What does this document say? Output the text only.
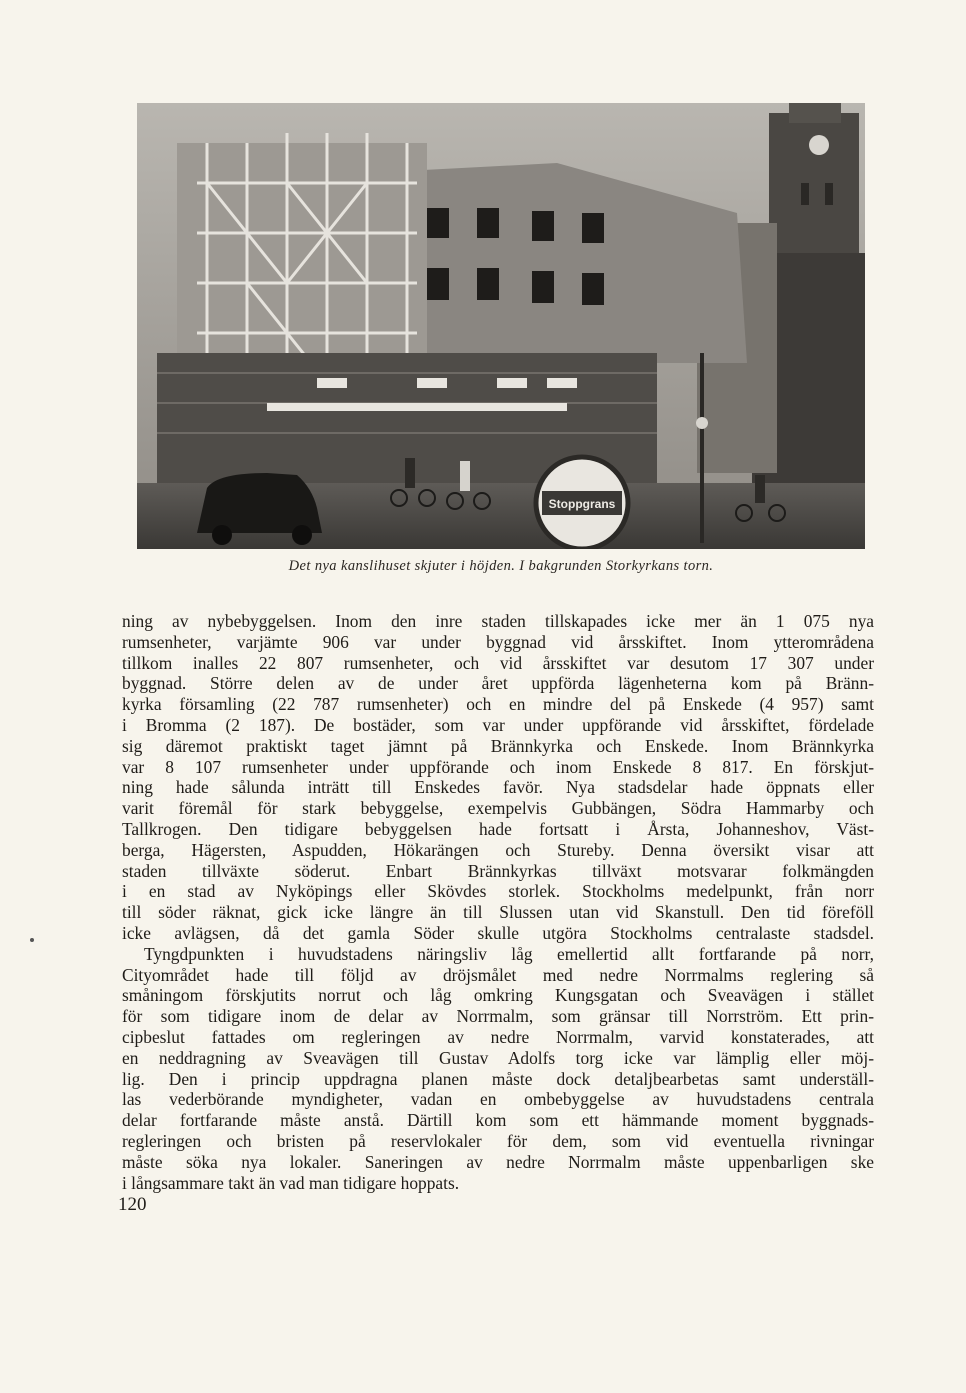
Stoppgrans
Det nya kanslihuset skjuter i höjden. I bakgrunden Storkyrkans torn.
ning av nybebyggelsen. Inom den inre staden tillskapades icke mer än 1 075 nya
rumsenheter, varjämte 906 var under byggnad vid årsskiftet. Inom ytterområdena
tillkom inalles 22 807 rumsenheter, och vid årsskiftet var desutom 17 307 under
byggnad. Större delen av de under året uppförda lägenheterna kom på Bränn-
kyrka församling (22 787 rumsenheter) och en mindre del på Enskede (4 957) samt
i Bromma (2 187). De bostäder, som var under uppförande vid årsskiftet, fördelade
sig däremot praktiskt taget jämnt på Brännkyrka och Enskede. Inom Brännkyrka
var 8 107 rumsenheter under uppförande och inom Enskede 8 817. En förskjut-
ning hade sålunda inträtt till Enskedes favör. Nya stadsdelar hade öppnats eller
varit föremål för stark bebyggelse, exempelvis Gubbängen, Södra Hammarby och
Tallkrogen. Den tidigare bebyggelsen hade fortsatt i Årsta, Johanneshov, Väst-
berga, Hägersten, Aspudden, Hökarängen och Stureby. Denna översikt visar att
staden tillväxte söderut. Enbart Brännkyrkas tillväxt motsvarar folkmängden
i en stad av Nyköpings eller Skövdes storlek. Stockholms medelpunkt, från norr
till söder räknat, gick icke längre än till Slussen utan vid Skanstull. Den tid föreföll
icke avlägsen, då det gamla Söder skulle utgöra Stockholms centralaste stadsdel.
Tyngdpunkten i huvudstadens näringsliv låg emellertid allt fortfarande på norr,
Cityområdet hade till följd av dröjsmålet med nedre Norrmalms reglering så
småningom förskjutits norrut och låg omkring Kungsgatan och Sveavägen i stället
för som tidigare inom de delar av Norrmalm, som gränsar till Norrström. Ett prin-
cipbeslut fattades om regleringen av nedre Norrmalm, varvid konstaterades, att
en neddragning av Sveavägen till Gustav Adolfs torg icke var lämplig eller möj-
lig. Den i princip uppdragna planen måste dock detaljbearbetas samt underställ-
las vederbörande myndigheter, vadan en ombebyggelse av huvudstadens centrala
delar fortfarande måste anstå. Därtill kom som ett hämmande moment byggnads-
regleringen och bristen på reservlokaler för dem, som vid eventuella rivningar
måste söka nya lokaler. Saneringen av nedre Norrmalm måste uppenbarligen ske
i långsammare takt än vad man tidigare hoppats.
120
